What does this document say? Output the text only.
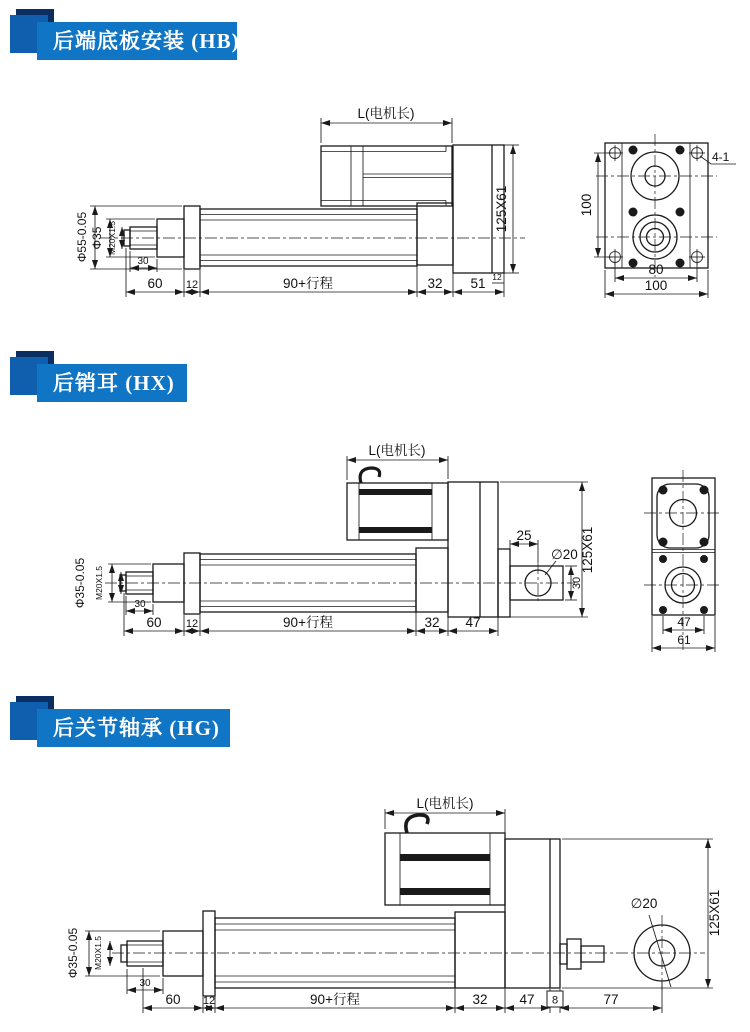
后端底板安装 (HB)
L(电机长)
125X61
60 12	90+行程	32 51 12
30
Φ55-0.05 Φ35 M20X1.5
100
80
100
4-1
后销耳 (HX)
L(电机长)
25
∅20
30
125X61
60 12	90+行程	32 47
30
Φ35-0.05 M20X1.5
47
61
后关节轴承 (HG)
∅20
L(电机长)
125X61
60 12	90+行程	32 47	77
8
30
Φ35-0.05 M20X1.5
